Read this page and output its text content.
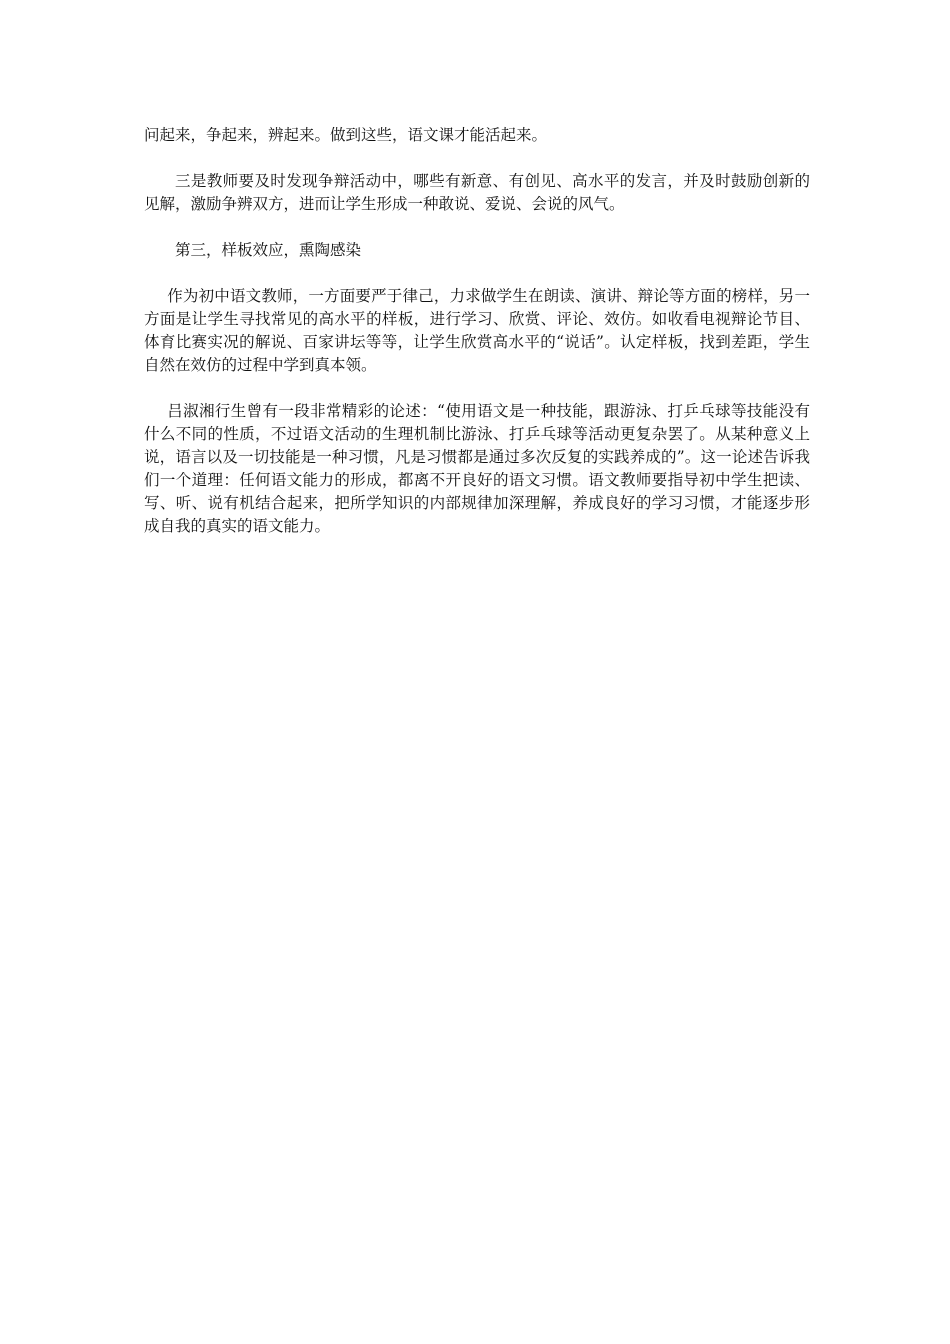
问起来，争起来，辨起来。做到这些，语文课才能活起来。

三是教师要及时发现争辩活动中，哪些有新意、有创见、高水平的发言，并及时鼓励创新的见解，激励争辨双方，进而让学生形成一种敢说、爱说、会说的风气。

第三，样板效应，熏陶感染

作为初中语文教师，一方面要严于律己，力求做学生在朗读、演讲、辩论等方面的榜样，另一方面是让学生寻找常见的高水平的样板，进行学习、欣赏、评论、效仿。如收看电视辩论节目、体育比赛实况的解说、百家讲坛等等，让学生欣赏高水平的“说话”。认定样板，找到差距，学生自然在效仿的过程中学到真本领。

吕淑湘行生曾有一段非常精彩的论述：“使用语文是一种技能，跟游泳、打乒乓球等技能没有什么不同的性质，不过语文活动的生理机制比游泳、打乒乓球等活动更复杂罢了。从某种意义上说，语言以及一切技能是一种习惯，凡是习惯都是通过多次反复的实践养成的”。这一论述告诉我们一个道理：任何语文能力的形成，都离不开良好的语文习惯。语文教师要指导初中学生把读、写、听、说有机结合起来，把所学知识的内部规律加深理解，养成良好的学习习惯，才能逐步形成自我的真实的语文能力。
